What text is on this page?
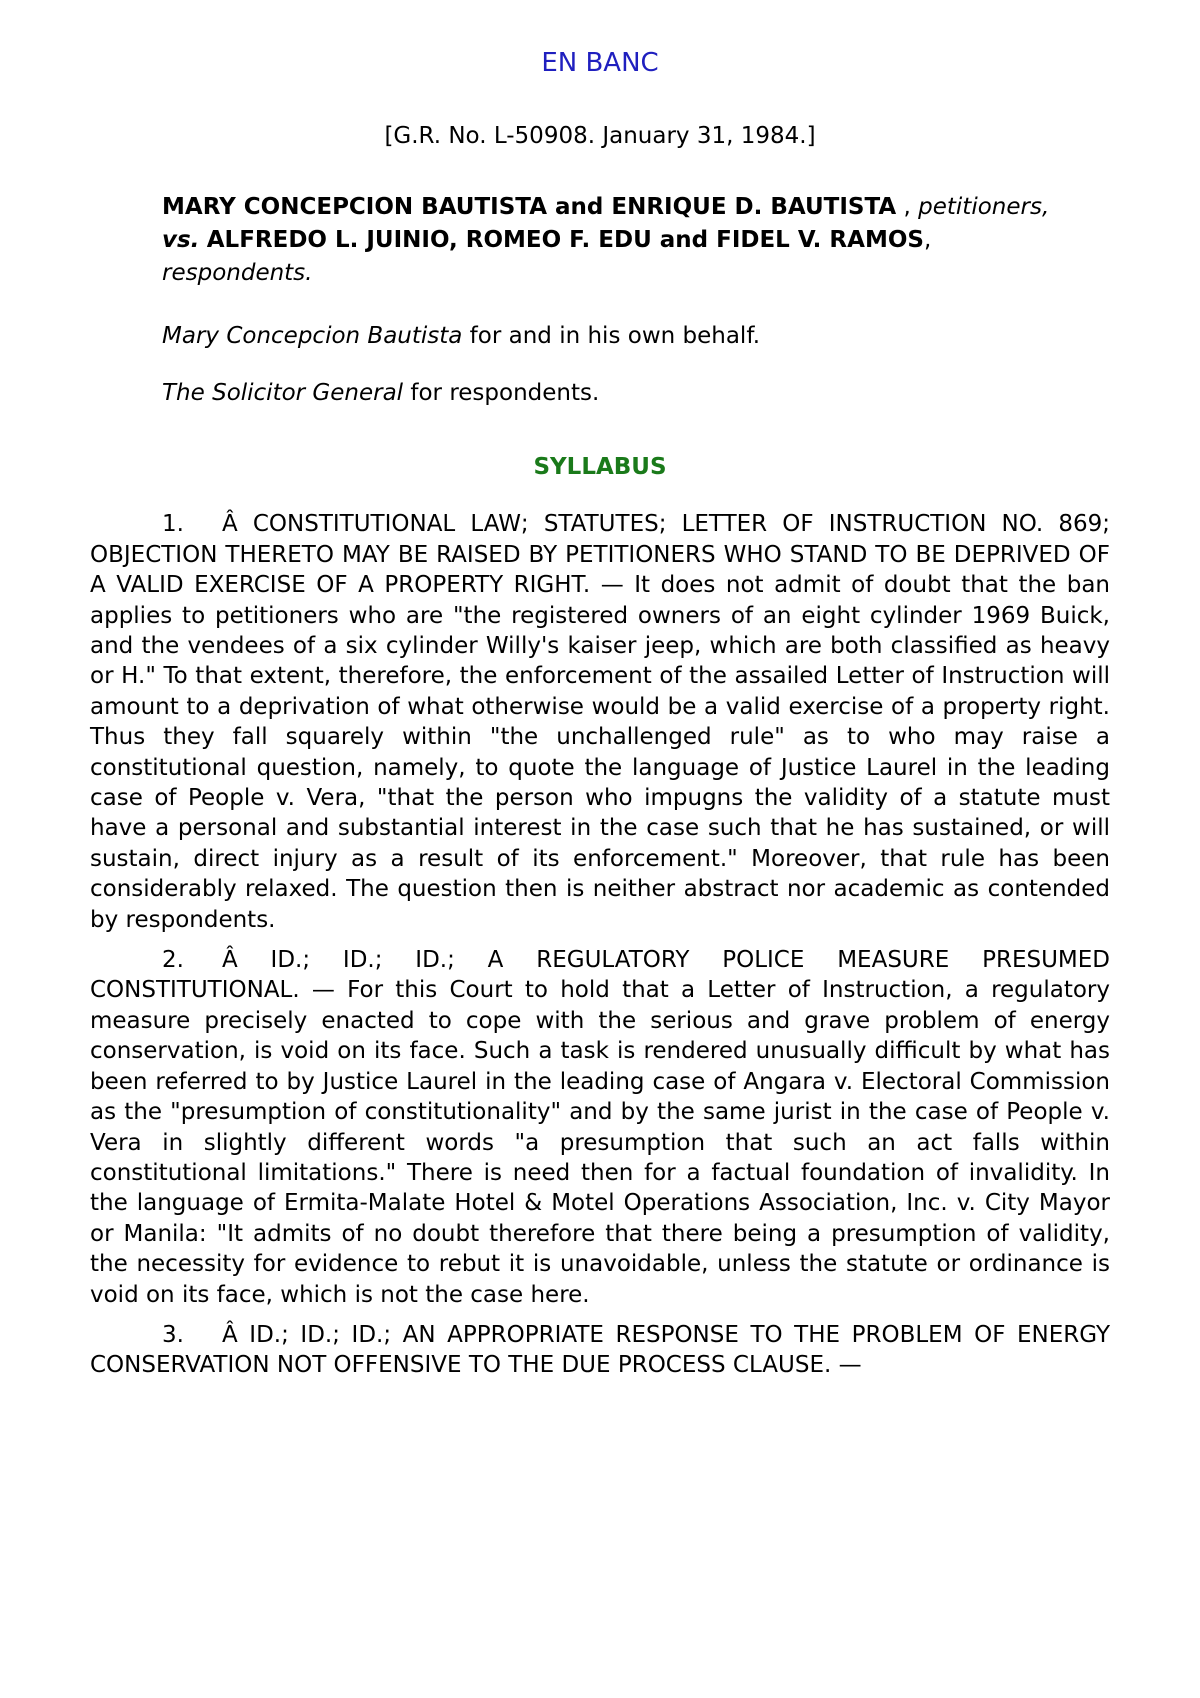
EN BANC

[G.R. No. L-50908. January 31, 1984.]

MARY CONCEPCION BAUTISTA and ENRIQUE D. BAUTISTA , petitioners, vs. ALFREDO L. JUINIO, ROMEO F. EDU and FIDEL V. RAMOS, respondents.

Mary Concepcion Bautista for and in his own behalf.

The Solicitor General for respondents.

SYLLABUS

1. Â CONSTITUTIONAL LAW; STATUTES; LETTER OF INSTRUCTION NO. 869; OBJECTION THERETO MAY BE RAISED BY PETITIONERS WHO STAND TO BE DEPRIVED OF A VALID EXERCISE OF A PROPERTY RIGHT. — It does not admit of doubt that the ban applies to petitioners who are "the registered owners of an eight cylinder 1969 Buick, and the vendees of a six cylinder Willy's kaiser jeep, which are both classified as heavy or H." To that extent, therefore, the enforcement of the assailed Letter of Instruction will amount to a deprivation of what otherwise would be a valid exercise of a property right. Thus they fall squarely within "the unchallenged rule" as to who may raise a constitutional question, namely, to quote the language of Justice Laurel in the leading case of People v. Vera, "that the person who impugns the validity of a statute must have a personal and substantial interest in the case such that he has sustained, or will sustain, direct injury as a result of its enforcement." Moreover, that rule has been considerably relaxed. The question then is neither abstract nor academic as contended by respondents.

2. Â ID.; ID.; ID.; A REGULATORY POLICE MEASURE PRESUMED CONSTITUTIONAL. — For this Court to hold that a Letter of Instruction, a regulatory measure precisely enacted to cope with the serious and grave problem of energy conservation, is void on its face. Such a task is rendered unusually difficult by what has been referred to by Justice Laurel in the leading case of Angara v. Electoral Commission as the "presumption of constitutionality" and by the same jurist in the case of People v. Vera in slightly different words "a presumption that such an act falls within constitutional limitations." There is need then for a factual foundation of invalidity. In the language of Ermita-Malate Hotel & Motel Operations Association, Inc. v. City Mayor or Manila: "It admits of no doubt therefore that there being a presumption of validity, the necessity for evidence to rebut it is unavoidable, unless the statute or ordinance is void on its face, which is not the case here.

3. Â ID.; ID.; ID.; AN APPROPRIATE RESPONSE TO THE PROBLEM OF ENERGY CONSERVATION NOT OFFENSIVE TO THE DUE PROCESS CLAUSE. —
